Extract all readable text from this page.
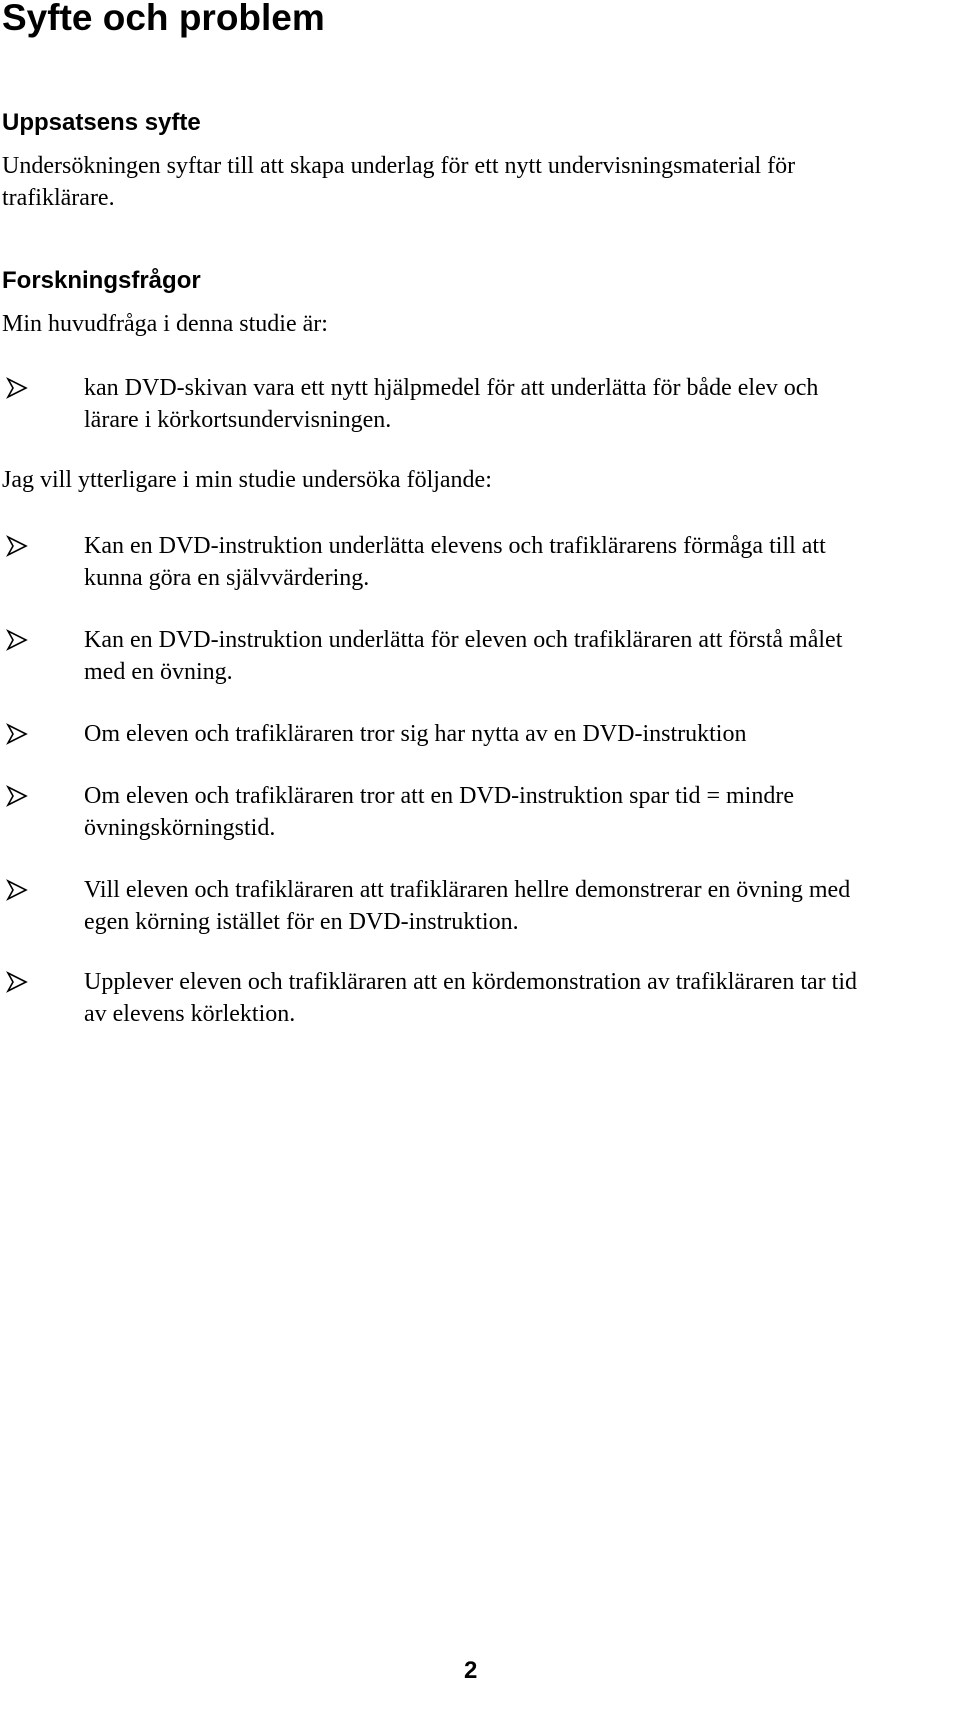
Syfte och problem
Uppsatsens syfte

Undersökningen syftar till att skapa underlag för ett nytt undervisningsmaterial för

trafiklärare.

Forskningsfrågor

Min huvudfråga i denna studie är:

kan DVD-skivan vara ett nytt hjälpmedel för att underlätta för både elev och

lärare i körkortsundervisningen.

Jag vill ytterligare i min studie undersöka följande:

Kan en DVD-instruktion underlätta elevens och trafiklärarens förmåga till att

kunna göra en självvärdering.

Kan en DVD-instruktion underlätta för eleven och trafikläraren att förstå målet

med en övning.

Om eleven och trafikläraren tror sig har nytta av en DVD-instruktion

Om eleven och trafikläraren tror att en DVD-instruktion spar tid = mindre

övningskörningstid.

Vill eleven och trafikläraren att trafikläraren hellre demonstrerar en övning med

egen körning istället för en DVD-instruktion.

Upplever eleven och trafikläraren att en kördemonstration av trafikläraren tar tid

av elevens körlektion.

2
